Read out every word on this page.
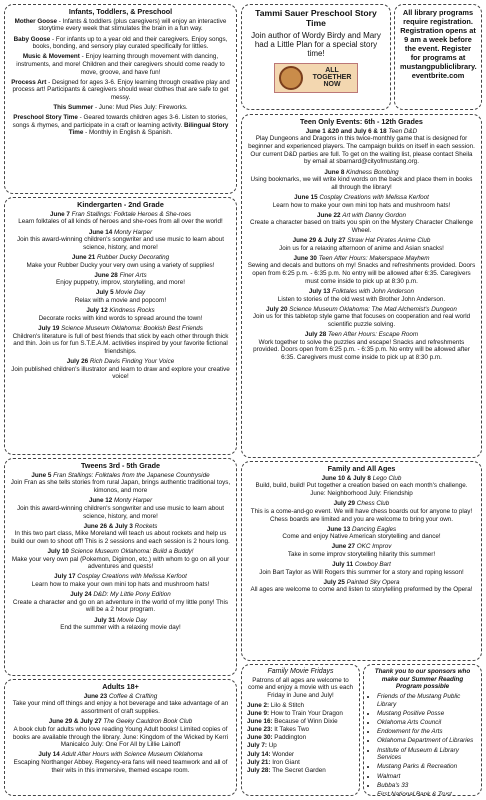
Infants, Toddlers, & Preschool
Mother Goose - Infants & toddlers (plus caregivers) will enjoy an interactive storytime every week that stimulates the brain in a fun way.
Baby Goose - For infants up to a year old and their caregivers. Enjoy songs, books, bonding, and sensory play curated specifically for littles.
Music & Movement - Enjoy learning through movement with dancing, instruments, and more! Children and their caregivers should come ready to move, groove, and have fun!
Process Art - Designed for ages 3-6. Enjoy learning through creative play and process art! Participants & caregivers should wear clothes that are safe to get messy.
This Summer - June: Mud Pies July: Fireworks.
Preschool Story Time - Geared towards children ages 3-6. Listen to stories, songs & rhymes, and participate in a craft or learning activity. Bilingual Story Time - Monthly in English & Spanish.
Tammi Sauer Preschool Story Time
Join author of Wordy Birdy and Mary had a Little Plan for a special story time!
ALL TOGETHER NOW
All library programs require registration. Registration opens at 9 am a week before the event. Register for programs at mustangpubliclibrary. eventbrite.com
Kindergarten - 2nd Grade
June 7 Fran Stallings: Folktale Heroes & She-roes
Learn folktales of all kinds of heroes and she-roes from all over the world!
June 14 Monty Harper
Join this award-winning children's songwriter and use music to learn about science, history, and more!
June 21 Rubber Ducky Decorating
Make your Rubber Ducky your very own using a variety of supplies!
June 28 Finer Arts
Enjoy puppetry, improv, storytelling, and more!
July 5 Movie Day
Relax with a movie and popcorn!
July 12 Kindness Rocks
Decorate rocks with kind words to spread around the town!
July 19 Science Museum Oklahoma: Bookish Best Friends
Children's literature is full of best friends that stick by each other through thick and thin. Join us for fun S.T.E.A.M. activities inspired by your favorite fictional friendships.
July 26 Rich Davis Finding Your Voice
Join published children's illustrator and learn to draw and explore your creative voice!
Teen Only Events: 6th - 12th Grades
June 1 &20 and July 6 & 18 Teen D&D
Play Dungeons and Dragons in this twice-monthly game that is designed for beginner and experienced players. The campaign builds on itself in each session. Our current D&D parties are full. To get on the waiting list, please contact Sheila by email at sbarnard@cityofmustang.org.
June 8 Kindness Bombing
Using bookmarks, we will write kind words on the back and place them in books all through the library!
June 15 Cosplay Creations with Melissa Kerfoot
Learn how to make your own mini top hats and mushroom hats!
June 22 Art with Danny Gordon
Create a character based on traits you spin on the Mystery Character Challenge Wheel.
June 29 & July 27 Straw Hat Pirates Anime Club
Join us for a relaxing afternoon of anime and Asian snacks!
June 30 Teen After Hours: Makerspace Mayhem
Sewing and decals and buttons oh my! Snacks and refreshments provided. Doors open from 6:25 p.m. - 6:35 p.m. No entry will be allowed after 6:35. Caregivers must come inside to pick up at 8:30 p.m.
July 13 Folktales with John Anderson
Listen to stories of the old west with Brother John Anderson.
July 20 Science Museum Oklahoma: The Mad Alchemist's Dungeon
Join us for this tabletop style game that focuses on cooperation and real world scientific puzzle solving.
July 28 Teen After Hours: Escape Room
Work together to solve the puzzles and escape! Snacks and refreshments provided. Doors open from 6:25 p.m. - 6:35 p.m. No entry will be allowed after 6:35. Caregivers must come inside to pick up at 8:30 p.m.
Tweens 3rd - 5th Grade
June 5 Fran Stallings: Folktales from the Japanese Countryside
Join Fran as she tells stories from rural Japan, brings authentic traditional toys, kimonos, and more
June 12 Monty Harper
Join this award-winning children's songwriter and use music to learn about science, history, and more!
June 26 & July 3 Rockets
In this two part class, Mike Moreland will teach us about rockets and help us build our own to shoot off! This is 2 sessions and each session is 2 hours long.
July 10 Science Museum Oklahoma: Build a Buddy!
Make your very own pal (Pokemon, Digimon, etc.) with whom to go on all your adventures and quests!
July 17 Cosplay Creations with Melissa Kerfoot
Learn how to make your own mini top hats and mushroom hats!
July 24 D&D: My Little Pony Edition
Create a character and go on an adventure in the world of my little pony! This will be a 2 hour program.
July 31 Movie Day
End the summer with a relaxing movie day!
Family and All Ages
June 10 & July 8 Lego Club
Build, build, build! Put together a creation based on each month's challenge. June: Neighborhood July: Friendship
July 29 Chess Club
This is a come-and-go event. We will have chess boards out for anyone to play! Chess boards are limited and you are welcome to bring your own.
June 13 Dancing Eagles
Come and enjoy Native American storytelling and dance!
June 27 OKC Improv
Take in some improv storytelling hilarity this summer!
July 11 Cowboy Bart
Join Bart Taylor as Will Rogers this summer for a story and roping lesson!
July 25 Painted Sky Opera
All ages are welcome to come and listen to storytelling preformed by the Opera!
Adults 18+
June 23 Coffee & Crafting
Take your mind off things and enjoy a hot beverage and take advantage of an assortment of craft supplies.
June 29 & July 27 The Geeky Cauldron Book Club
A book club for adults who love reading Young Adult books! Limited copies of books are available through the library. June: Kingdom of the Wicked by Kerri Manicalco July: One For All by Lillie Lainoff
July 14 Adult After Hours with Science Museum Oklahoma
Escaping Northanger Abbey. Regency-era fans will need teamwork and all of their wits in this immersive, themed escape room.
Family Movie Fridays
Patrons of all ages are welcome to come and enjoy a movie with us each Friday in June and July!
June 2: Lilo & Stitch
June 9: How to Train Your Dragon
June 16: Because of Winn Dixie
June 23: It Takes Two
June 30: Paddington
July 7: Up
July 14: Wonder
July 21: Iron Giant
July 28: The Secret Garden
Thank you to our sponsors who make our Summer Reading Program possible
• Friends of the Mustang Public Library
• Mustang Positive Posse
• Oklahoma Arts Council
• Endowment for the Arts
• Oklahoma Department of Libraries
• Institute of Museum & Library Services
• Mustang Parks & Recreation
• Walmart
• Bubba's 33
• First National Bank & Trust
